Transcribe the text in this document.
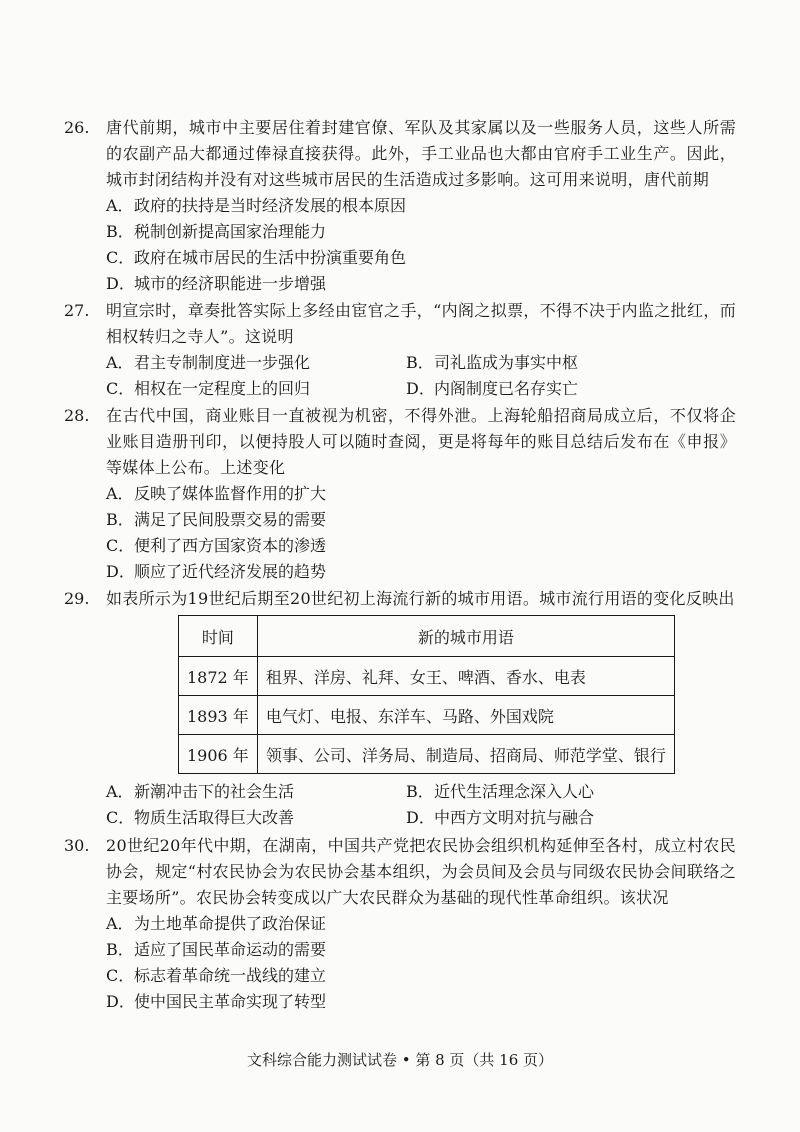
26.	唐代前期，城市中主要居住着封建官僚、军队及其家属以及一些服务人员，这些人所需的农副产品大都通过俸禄直接获得。此外，手工业品也大都由官府手工业生产。因此，城市封闭结构并没有对这些城市居民的生活造成过多影响。这可用来说明，唐代前期

A．政府的扶持是当时经济发展的根本原因
B．税制创新提高国家治理能力
C．政府在城市居民的生活中扮演重要角色
D．城市的经济职能进一步增强
27.	明宣宗时，章奏批答实际上多经由宦官之手，“内阁之拟票，不得不决于内监之批红，而相权转归之寺人”。这说明

A．君主专制制度进一步强化	B．司礼监成为事实中枢
C．相权在一定程度上的回归	D．内阁制度已名存实亡
28.	在古代中国，商业账目一直被视为机密，不得外泄。上海轮船招商局成立后，不仅将企业账目造册刊印，以便持股人可以随时查阅，更是将每年的账目总结后发布在《申报》等媒体上公布。上述变化

A．反映了媒体监督作用的扩大
B．满足了民间股票交易的需要
C．便利了西方国家资本的渗透
D．顺应了近代经济发展的趋势
29.	如表所示为19世纪后期至20世纪初上海流行新的城市用语。城市流行用语的变化反映出

时间	新的城市用语
1872 年	租界、洋房、礼拜、女王、啤酒、香水、电表
1893 年	电气灯、电报、东洋车、马路、外国戏院
1906 年	领事、公司、洋务局、制造局、招商局、师范学堂、银行
A．新潮冲击下的社会生活	B．近代生活理念深入人心
C．物质生活取得巨大改善	D．中西方文明对抗与融合
30.	20世纪20年代中期，在湖南，中国共产党把农民协会组织机构延伸至各村，成立村农民协会，规定“村农民协会为农民协会基本组织，为会员间及会员与同级农民协会间联络之主要场所”。农民协会转变成以广大农民群众为基础的现代性革命组织。该状况

A．为土地革命提供了政治保证
B．适应了国民革命运动的需要
C．标志着革命统一战线的建立
D．使中国民主革命实现了转型
文科综合能力测试试卷 • 第 8 页（共 16 页）
